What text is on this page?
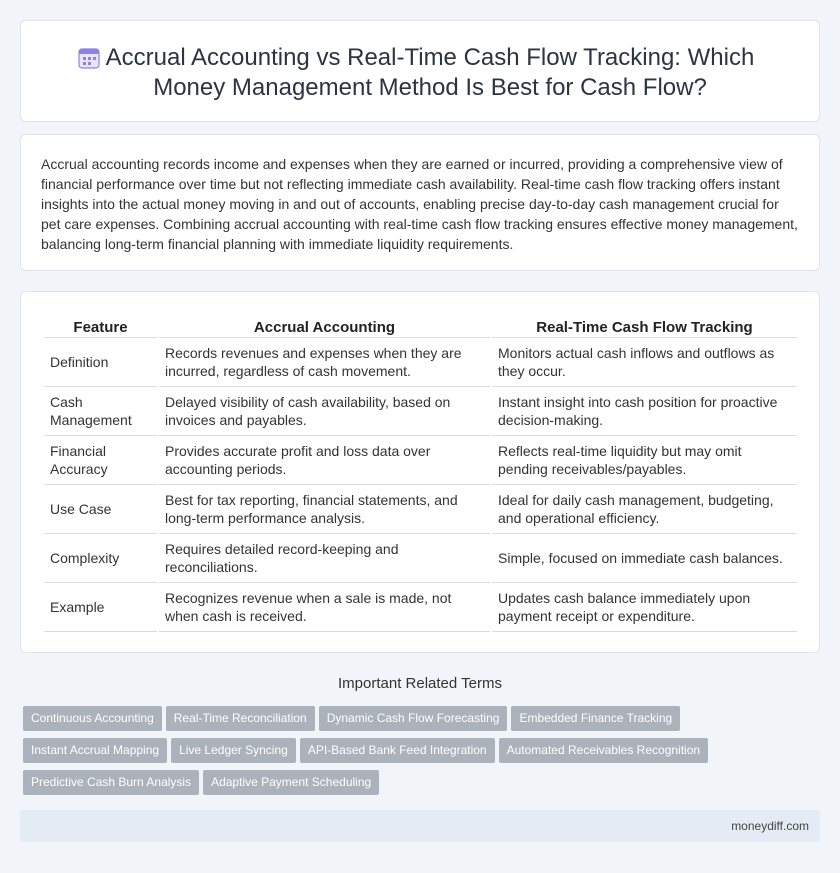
Accrual Accounting vs Real-Time Cash Flow Tracking: Which Money Management Method Is Best for Cash Flow?

Accrual accounting records income and expenses when they are earned or incurred, providing a comprehensive view of financial performance over time but not reflecting immediate cash availability. Real-time cash flow tracking offers instant insights into the actual money moving in and out of accounts, enabling precise day-to-day cash management crucial for pet care expenses. Combining accrual accounting with real-time cash flow tracking ensures effective money management, balancing long-term financial planning with immediate liquidity requirements.

Feature	Accrual Accounting	Real-Time Cash Flow Tracking
Definition	Records revenues and expenses when they are incurred, regardless of cash movement.	Monitors actual cash inflows and outflows as they occur.
Cash Management	Delayed visibility of cash availability, based on invoices and payables.	Instant insight into cash position for proactive decision-making.
Financial Accuracy	Provides accurate profit and loss data over accounting periods.	Reflects real-time liquidity but may omit pending receivables/payables.
Use Case	Best for tax reporting, financial statements, and long-term performance analysis.	Ideal for daily cash management, budgeting, and operational efficiency.
Complexity	Requires detailed record-keeping and reconciliations.	Simple, focused on immediate cash balances.
Example	Recognizes revenue when a sale is made, not when cash is received.	Updates cash balance immediately upon payment receipt or expenditure.
Important Related Terms
Continuous Accounting Real-Time Reconciliation Dynamic Cash Flow Forecasting Embedded Finance Tracking
Instant Accrual Mapping Live Ledger Syncing API-Based Bank Feed Integration Automated Receivables Recognition
Predictive Cash Burn Analysis Adaptive Payment Scheduling
moneydiff.com
